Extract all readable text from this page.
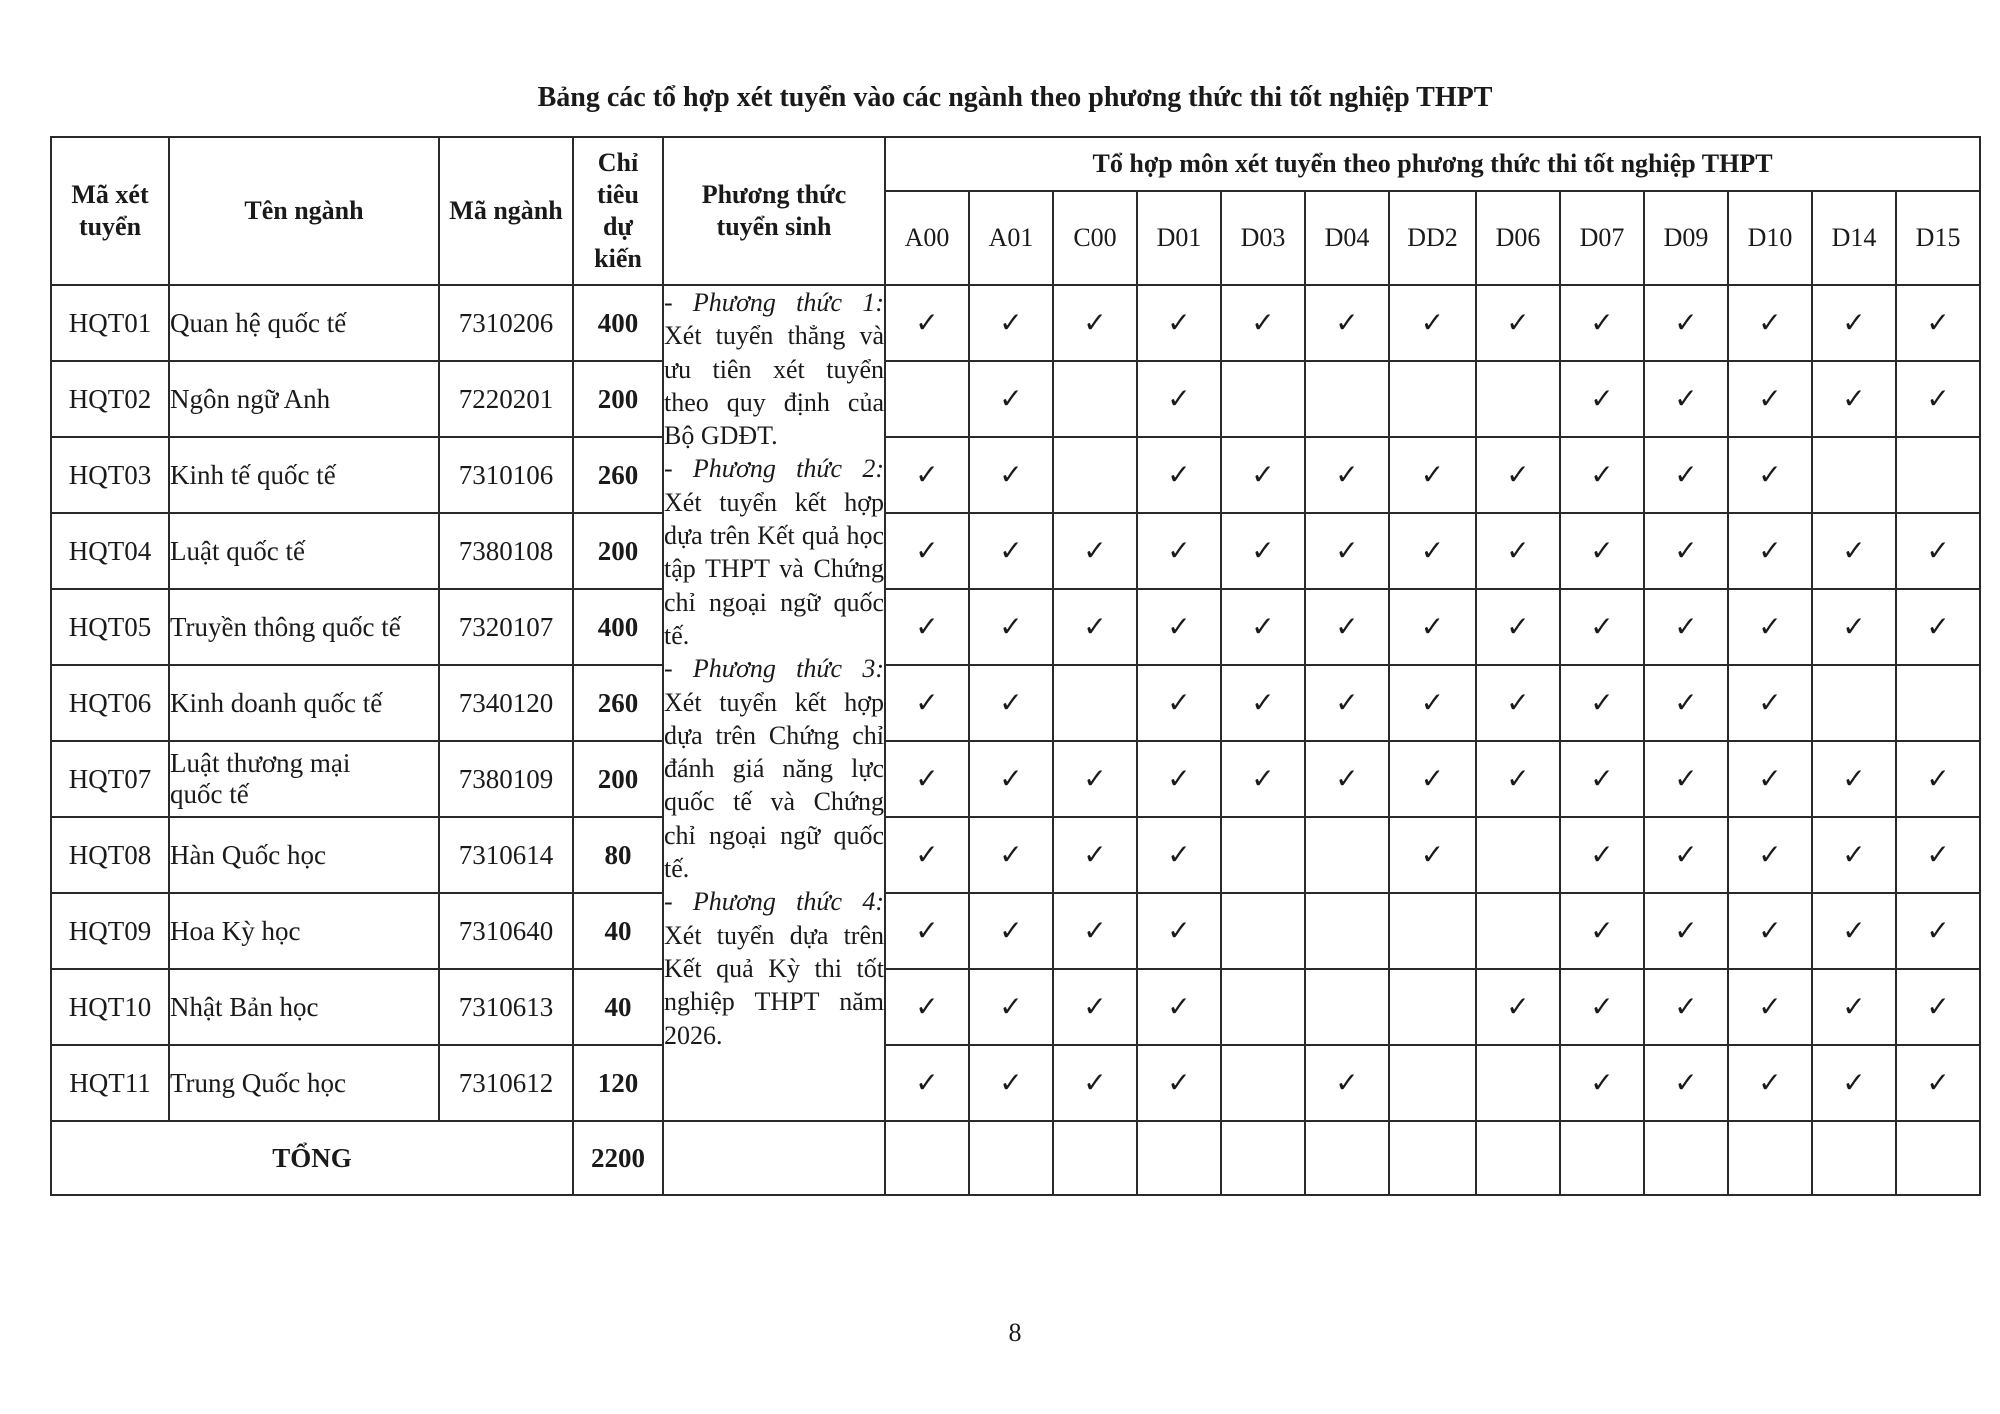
Bảng các tổ hợp xét tuyển vào các ngành theo phương thức thi tốt nghiệp THPT
Mã xét tuyển	Tên ngành	Mã ngành	Chỉ tiêu dự kiến	Phương thức tuyển sinh	Tổ hợp môn xét tuyển theo phương thức thi tốt nghiệp THPT												
					A00	A01	C00	D01	D03	D04	DD2	D06	D07	D09	D10	D14	D15
HQT01	Quan hệ quốc tế	7310206	400	- Phương thức 1: Xét tuyển thẳng và ưu tiên xét tuyển theo quy định của Bộ GDĐT.

- Phương thức 2: Xét tuyển kết hợp dựa trên Kết quả học tập THPT và Chứng chỉ ngoại ngữ quốc tế.

- Phương thức 3: Xét tuyển kết hợp dựa trên Chứng chỉ đánh giá năng lực quốc tế và Chứng chỉ ngoại ngữ quốc tế.

- Phương thức 4: Xét tuyển dựa trên Kết quả Kỳ thi tốt nghiệp THPT năm 2026.	✓	✓	✓	✓	✓	✓	✓	✓	✓	✓	✓	✓	✓
HQT02	Ngôn ngữ Anh	7220201	200			✓		✓					✓	✓	✓	✓	✓
HQT03	Kinh tế quốc tế	7310106	260		✓	✓		✓	✓	✓	✓	✓	✓	✓	✓		
HQT04	Luật quốc tế	7380108	200		✓	✓	✓	✓	✓	✓	✓	✓	✓	✓	✓	✓	✓
HQT05	Truyền thông quốc tế	7320107	400		✓	✓	✓	✓	✓	✓	✓	✓	✓	✓	✓	✓	✓
HQT06	Kinh doanh quốc tế	7340120	260		✓	✓		✓	✓	✓	✓	✓	✓	✓	✓		
HQT07	Luật thương mại quốc tế	7380109	200		✓	✓	✓	✓	✓	✓	✓	✓	✓	✓	✓	✓	✓
HQT08	Hàn Quốc học	7310614	80		✓	✓	✓	✓			✓		✓	✓	✓	✓	✓
HQT09	Hoa Kỳ học	7310640	40		✓	✓	✓	✓					✓	✓	✓	✓	✓
HQT10	Nhật Bản học	7310613	40		✓	✓	✓	✓				✓	✓	✓	✓	✓	✓
HQT11	Trung Quốc học	7310612	120		✓	✓	✓	✓		✓			✓	✓	✓	✓	✓
TỔNG			2200														
8
